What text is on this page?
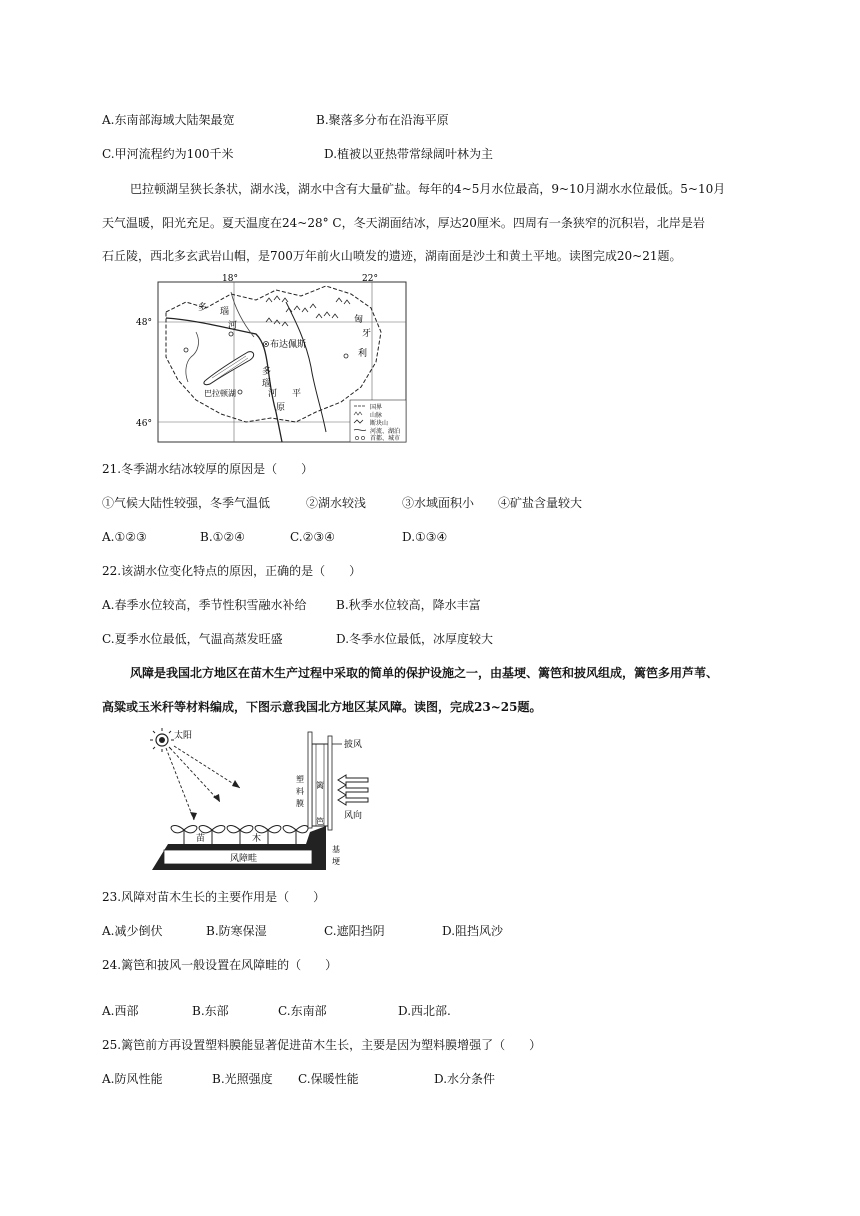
A.东南部海域大陆架最宽	B.聚落多分布在沿海平原
C.甲河流程约为100千米	D.植被以亚热带常绿阔叶林为主
巴拉顿湖呈狭长条状，湖水浅，湖水中含有大量矿盐。每年的4~5月水位最高，9~10月湖水水位最低。5~10月
天气温暖，阳光充足。夏天温度在24~28° C，冬天湖面结冰，厚达20厘米。四周有一条狭窄的沉积岩，北岸是岩
石丘陵，西北多玄武岩山帽，是700万年前火山喷发的遗迹，湖南面是沙土和黄土平地。读图完成20~21题。
18°	22°
48°
46°
多 瑙
河
布达佩斯
匈
牙
利
多
瑙
河 平
原
巴拉顿湖
国界
山脉
断块山
河流、湖泊
首都、城市
21.冬季湖水结冰较厚的原因是（　　）
①气候大陆性较强，冬季气温低　　　②湖水较浅　　　③水域面积小　　④矿盐含量较大
A.①②③	B.①②④	C.②③④	D.①③④
22.该湖水位变化特点的原因，正确的是（　　）
A.春季水位较高，季节性积雪融水补给 B.秋季水位较高，降水丰富
C.夏季水位最低，气温高蒸发旺盛	D.冬季水位最低，冰厚度较大
风障是我国北方地区在苗木生产过程中采取的简单的保护设施之一，由基埂、篱笆和披风组成，篱笆多用芦苇、
高粱或玉米秆等材料编成，下图示意我国北方地区某风障。读图，完成23~25题。
太阳
风障畦
苗	木
篱
笆
塑
料
膜
披风
风向
基
埂
23.风障对苗木生长的主要作用是（　　）
A.减少倒伏	B.防寒保湿	C.遮阳挡阴	D.阻挡风沙
24.篱笆和披风一般设置在风障畦的（　　）
A.西部	B.东部	C.东南部	D.西北部.
25.篱笆前方再设置塑料膜能显著促进苗木生长，主要是因为塑料膜增强了（　　）
A.防风性能	B.光照强度 C.保暖性能	D.水分条件
